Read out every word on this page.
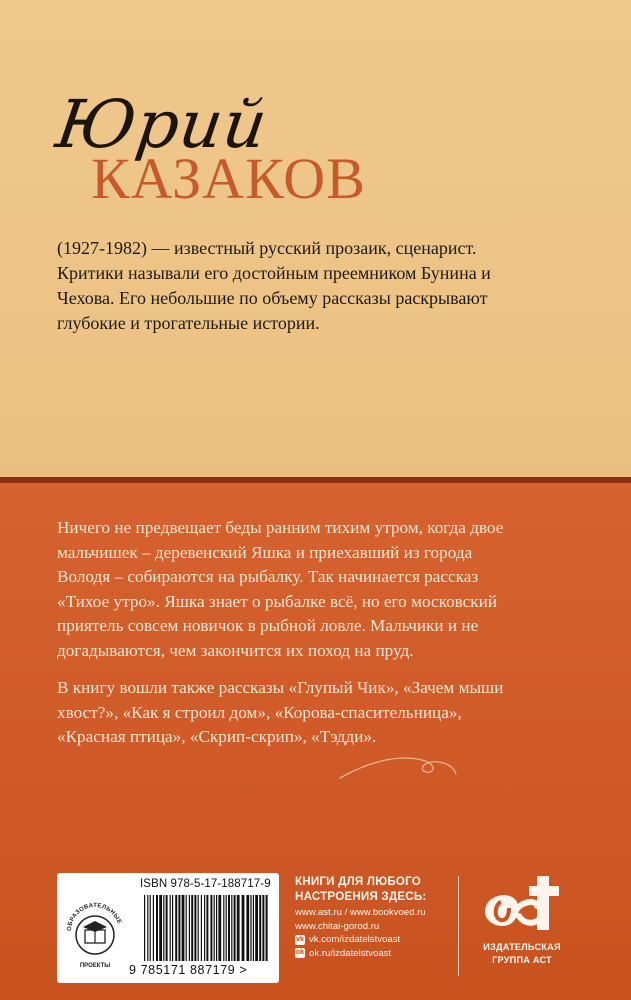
Юрий
КАЗАКОВ

(1927-1982) — известный русский прозаик, сценарист. Критики называли его достойным преемником Бунина и Чехова. Его небольшие по объему рассказы раскрывают глубокие и трогательные истории.

Ничего не предвещает беды ранним тихим утром, когда двое мальчишек – деревенский Яшка и приехавший из города Володя – собираются на рыбалку. Так начинается рассказ «Тихое утро». Яшка знает о рыбалке всё, но его московский приятель совсем новичок в рыбной ловле. Мальчики и не догадываются, чем закончится их поход на пруд.

В книгу вошли также рассказы «Глупый Чик», «Зачем мыши хвост?», «Как я строил дом», «Корова-спасительница», «Красная птица», «Скрип-скрип», «Тэдди».

ОБРАЗОВАТЕЛЬНЫЕ
ПРОЕКТЫ
ISBN 978-5-17-188717-9
9 785171 887179 >
КНИГИ ДЛЯ ЛЮБОГО
НАСТРОЕНИЯ ЗДЕСЬ:
www.ast.ru / www.bookvoed.ru
www.chitai-gorod.ru
vk vk.com/izdatelstvoast
ok ok.ru/izdatelstvoast
ИЗДАТЕЛЬСКАЯ
ГРУППА АСТ
